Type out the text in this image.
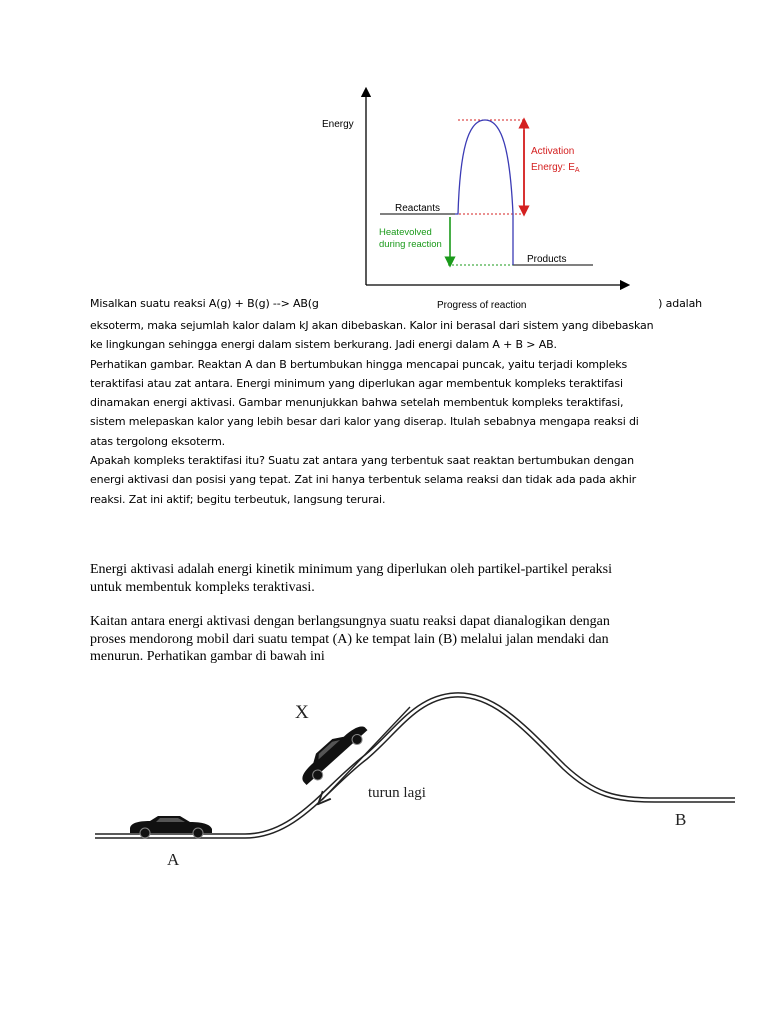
Energy
Reactants
Products
Activation
Energy: $E_A$
Heatevolved
during reaction
Progress of reaction
Misalkan suatu reaksi A(g) + B(g) --> AB(g	) adalah

eksoterm, maka sejumlah kalor dalam kJ akan dibebaskan. Kalor ini berasal dari sistem yang dibebaskan

ke lingkungan sehingga energi dalam sistem berkurang. Jadi energi dalam A + B > AB.

Perhatikan gambar. Reaktan A dan B bertumbukan hingga mencapai puncak, yaitu terjadi kompleks

teraktifasi atau zat antara. Energi minimum yang diperlukan agar membentuk kompleks teraktifasi

dinamakan energi aktivasi. Gambar menunjukkan bahwa setelah membentuk kompleks teraktifasi,

sistem melepaskan kalor yang lebih besar dari kalor yang diserap. Itulah sebabnya mengapa reaksi di

atas tergolong eksoterm.

Apakah kompleks teraktifasi itu? Suatu zat antara yang terbentuk saat reaktan bertumbukan dengan

energi aktivasi dan posisi yang tepat. Zat ini hanya terbentuk selama reaksi dan tidak ada pada akhir

reaksi. Zat ini aktif; begitu terbeutuk, langsung terurai.

Energi aktivasi adalah energi kinetik minimum yang diperlukan oleh partikel-partikel peraksi

untuk membentuk kompleks teraktivasi.

Kaitan antara energi aktivasi dengan berlangsungnya suatu reaksi dapat dianalogikan dengan

proses mendorong mobil dari suatu tempat (A) ke tempat lain (B) melalui jalan mendaki dan

menurun. Perhatikan gambar di bawah ini

turun lagi
A
B
X
